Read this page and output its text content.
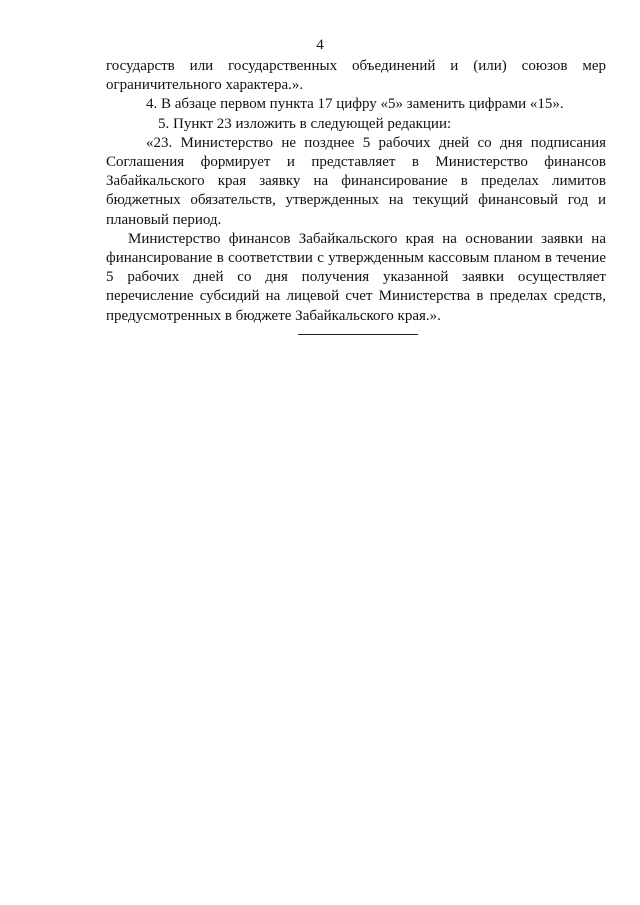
4

государств или государственных объединений и (или) союзов мер ограничительного характера.».

4. В абзаце первом пункта 17 цифру «5» заменить цифрами «15».

5. Пункт 23 изложить в следующей редакции:

«23. Министерство не позднее 5 рабочих дней со дня подписания Соглашения формирует и представляет в Министерство финансов Забайкальского края заявку на финансирование в пределах лимитов бюджетных обязательств, утвержденных на текущий финансовый год и плановый период.

Министерство финансов Забайкальского края на основании заявки на финансирование в соответствии с утвержденным кассовым планом в течение 5 рабочих дней со дня получения указанной заявки осуществляет перечисление субсидий на лицевой счет Министерства в пределах средств, предусмотренных в бюджете Забайкальского края.».
